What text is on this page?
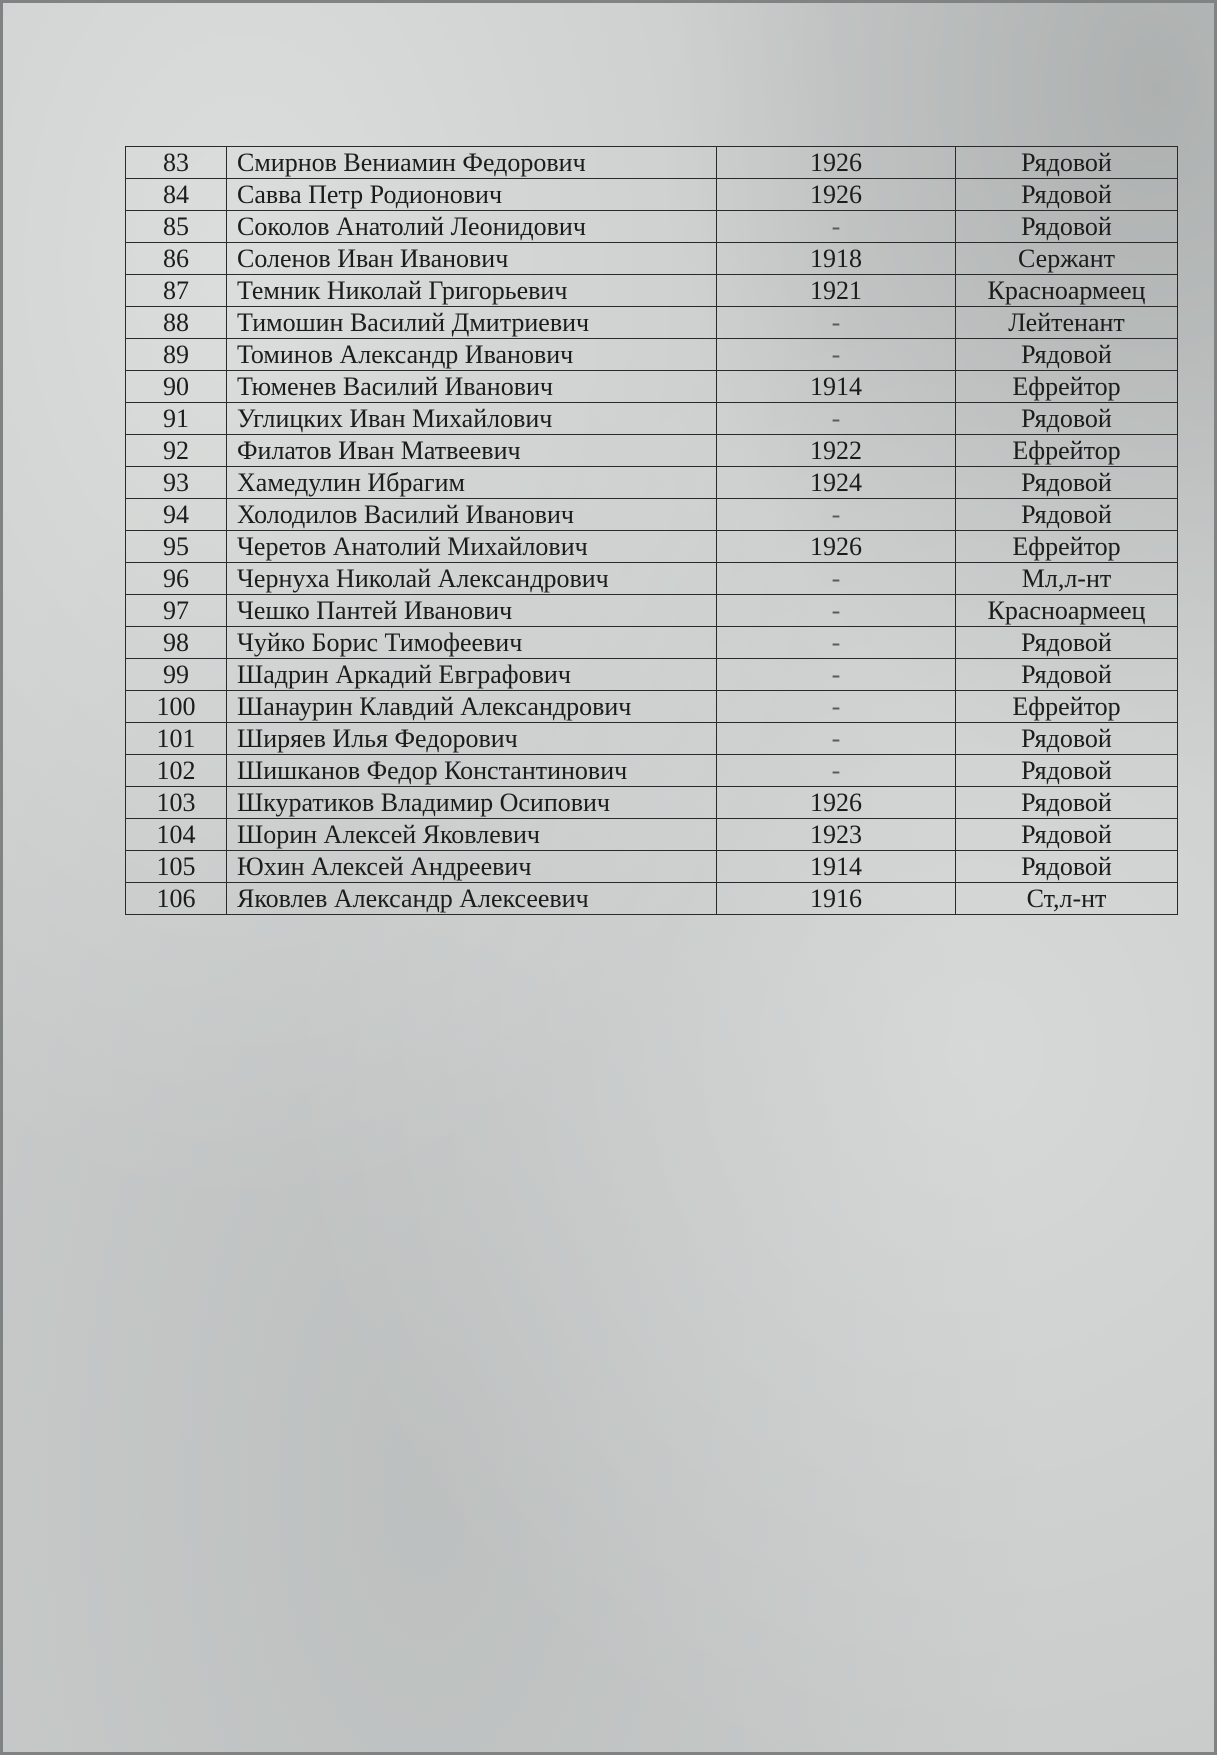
83	Смирнов Вениамин Федорович	1926	Рядовой
84	Савва Петр Родионович	1926	Рядовой
85	Соколов Анатолий Леонидович	-	Рядовой
86	Соленов Иван Иванович	1918	Сержант
87	Темник Николай Григорьевич	1921	Красноармеец
88	Тимошин Василий Дмитриевич	-	Лейтенант
89	Томинов Александр Иванович	-	Рядовой
90	Тюменев Василий Иванович	1914	Ефрейтор
91	Углицких Иван Михайлович	-	Рядовой
92	Филатов Иван Матвеевич	1922	Ефрейтор
93	Хамедулин Ибрагим	1924	Рядовой
94	Холодилов Василий Иванович	-	Рядовой
95	Черетов Анатолий Михайлович	1926	Ефрейтор
96	Чернуха Николай Александрович	-	Мл,л-нт
97	Чешко Пантей Иванович	-	Красноармеец
98	Чуйко Борис Тимофеевич	-	Рядовой
99	Шадрин Аркадий Евграфович	-	Рядовой
100	Шанаурин Клавдий Александрович	-	Ефрейтор
101	Ширяев Илья Федорович	-	Рядовой
102	Шишканов Федор Константинович	-	Рядовой
103	Шкуратиков Владимир Осипович	1926	Рядовой
104	Шорин Алексей Яковлевич	1923	Рядовой
105	Юхин Алексей Андреевич	1914	Рядовой
106	Яковлев Александр Алексеевич	1916	Ст,л-нт
